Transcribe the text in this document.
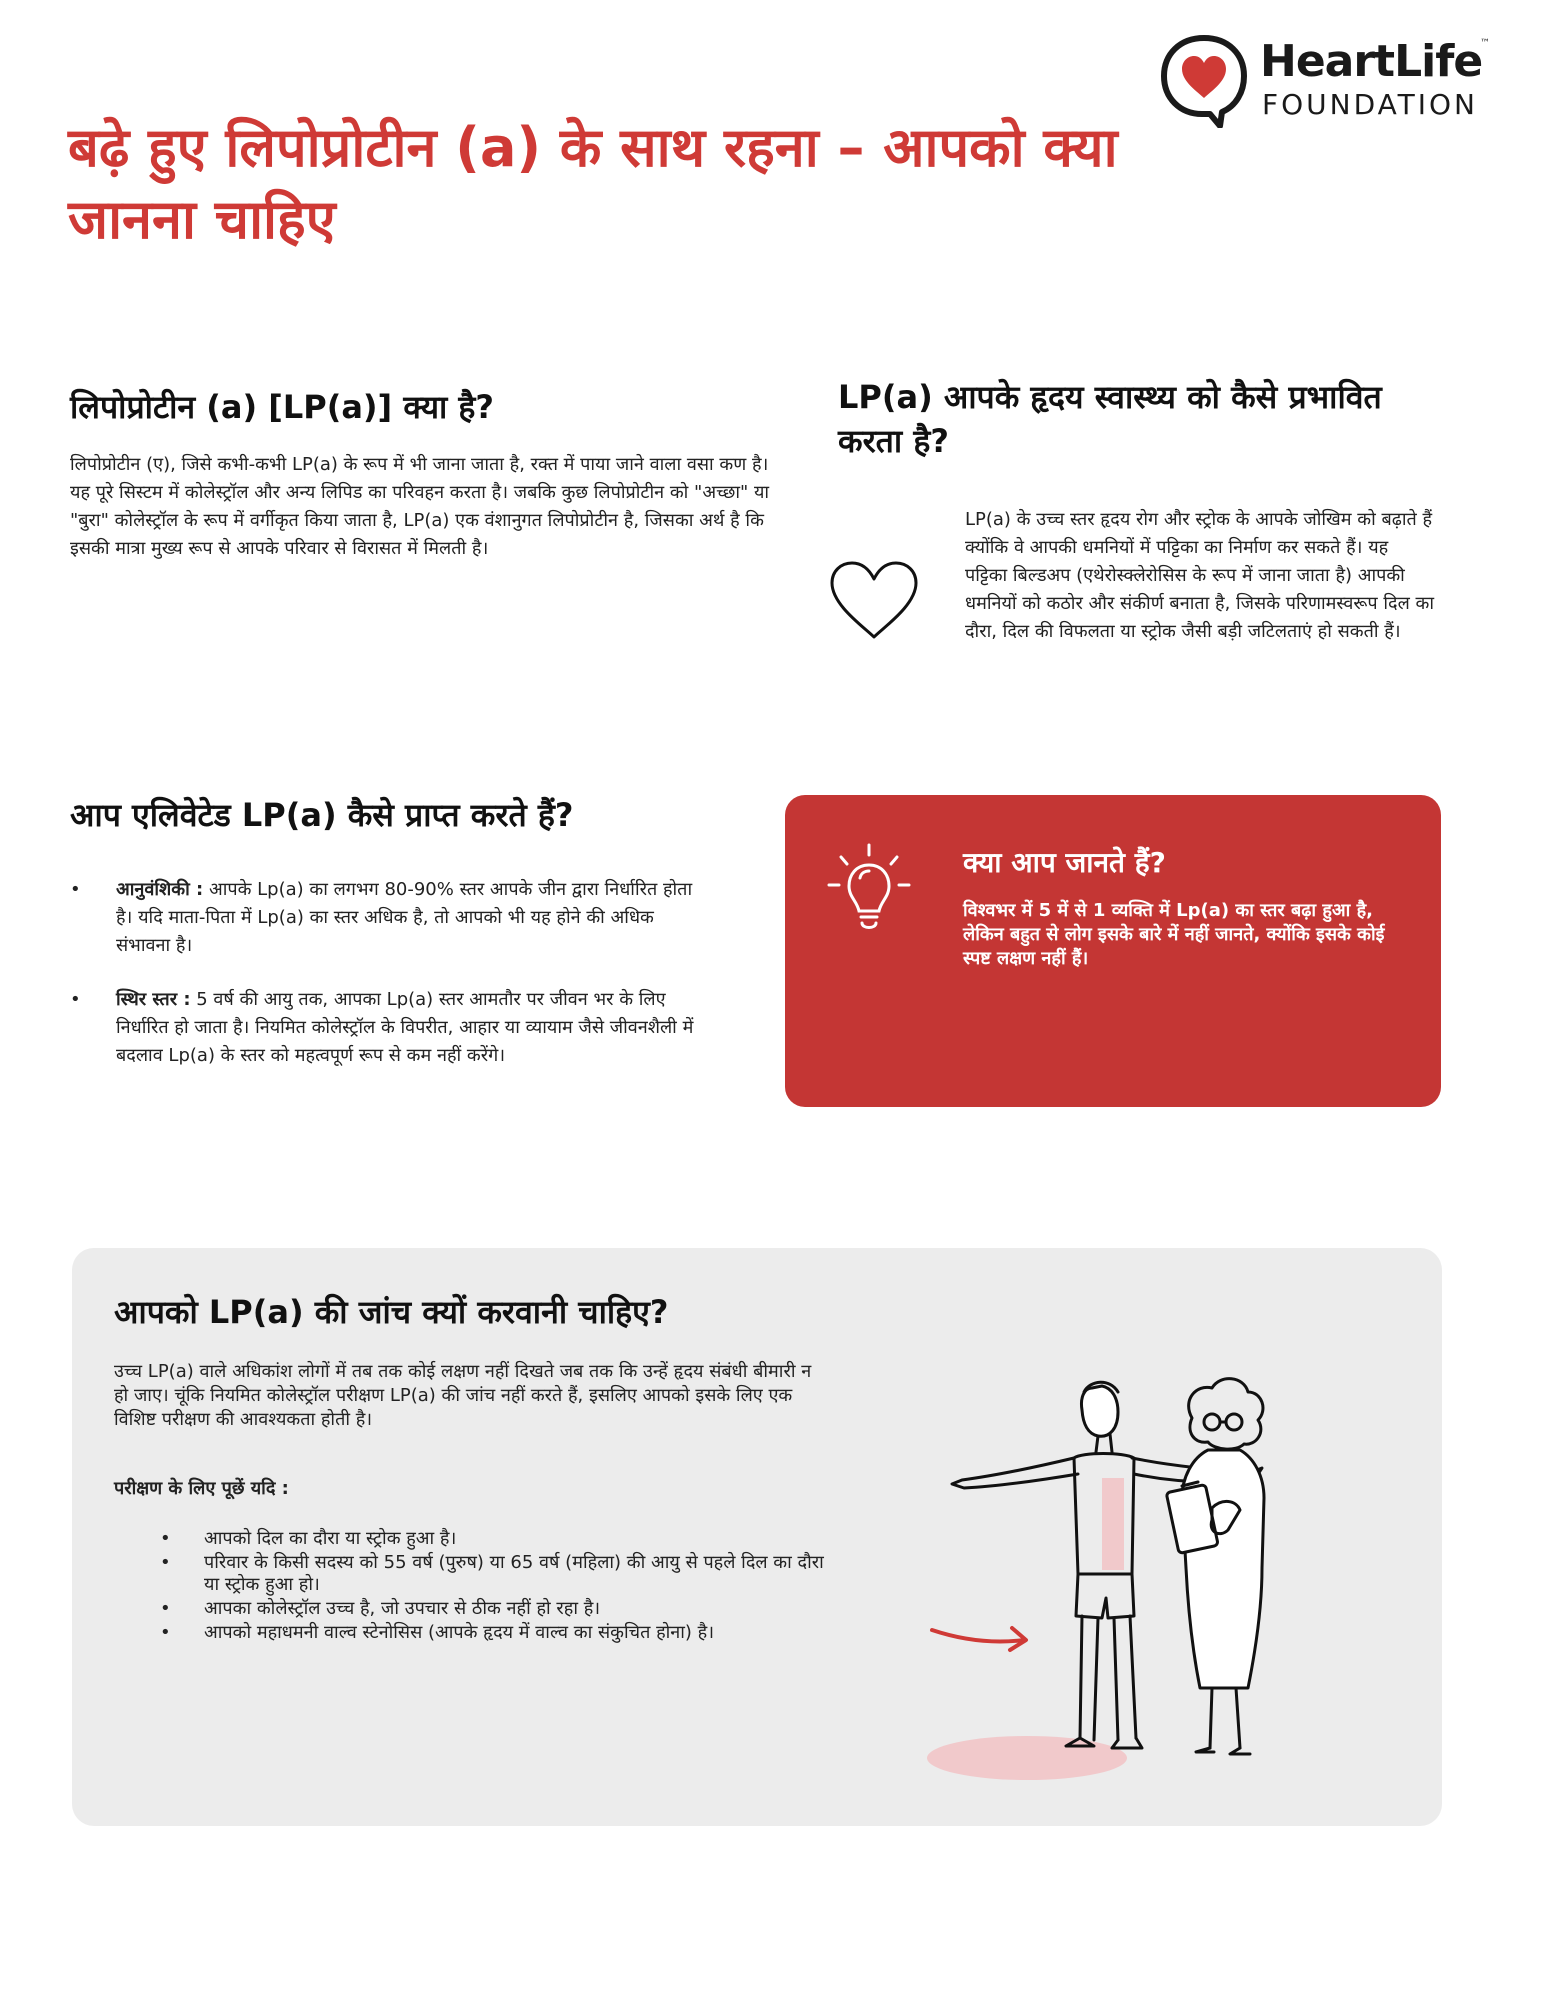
HeartLife
™
FOUNDATION
बढ़े हुए लिपोप्रोटीन (a) के साथ रहना – आपको क्या जानना चाहिए
लिपोप्रोटीन (a) [LP(a)] क्या है?

लिपोप्रोटीन (ए), जिसे कभी-कभी LP(a) के रूप में भी जाना जाता है, रक्त में पाया जाने वाला वसा कण है। यह पूरे सिस्टम में कोलेस्ट्रॉल और अन्य लिपिड का परिवहन करता है। जबकि कुछ लिपोप्रोटीन को "अच्छा" या "बुरा" कोलेस्ट्रॉल के रूप में वर्गीकृत किया जाता है, LP(a) एक वंशानुगत लिपोप्रोटीन है, जिसका अर्थ है कि इसकी मात्रा मुख्य रूप से आपके परिवार से विरासत में मिलती है।

LP(a) आपके हृदय स्वास्थ्य को कैसे प्रभावित करता है?

LP(a) के उच्च स्तर हृदय रोग और स्ट्रोक के आपके जोखिम को बढ़ाते हैं क्योंकि वे आपकी धमनियों में पट्टिका का निर्माण कर सकते हैं। यह पट्टिका बिल्डअप (एथेरोस्क्लेरोसिस के रूप में जाना जाता है) आपकी धमनियों को कठोर और संकीर्ण बनाता है, जिसके परिणामस्वरूप दिल का दौरा, दिल की विफलता या स्ट्रोक जैसी बड़ी जटिलताएं हो सकती हैं।

आप एलिवेटेड LP(a) कैसे प्राप्त करते हैं?
• आनुवंशिकी : आपके Lp(a) का लगभग 80-90% स्तर आपके जीन द्वारा निर्धारित होता है। यदि माता-पिता में Lp(a) का स्तर अधिक है, तो आपको भी यह होने की अधिक संभावना है।
• स्थिर स्तर : 5 वर्ष की आयु तक, आपका Lp(a) स्तर आमतौर पर जीवन भर के लिए निर्धारित हो जाता है। नियमित कोलेस्ट्रॉल के विपरीत, आहार या व्यायाम जैसे जीवनशैली में बदलाव Lp(a) के स्तर को महत्वपूर्ण रूप से कम नहीं करेंगे।
क्या आप जानते हैं?

विश्वभर में 5 में से 1 व्यक्ति में Lp(a) का स्तर बढ़ा हुआ है, लेकिन बहुत से लोग इसके बारे में नहीं जानते, क्योंकि इसके कोई स्पष्ट लक्षण नहीं हैं।

आपको LP(a) की जांच क्यों करवानी चाहिए?

उच्च LP(a) वाले अधिकांश लोगों में तब तक कोई लक्षण नहीं दिखते जब तक कि उन्हें हृदय संबंधी बीमारी न हो जाए। चूंकि नियमित कोलेस्ट्रॉल परीक्षण LP(a) की जांच नहीं करते हैं, इसलिए आपको इसके लिए एक विशिष्ट परीक्षण की आवश्यकता होती है।

परीक्षण के लिए पूछें यदि :

• आपको दिल का दौरा या स्ट्रोक हुआ है।
• परिवार के किसी सदस्य को 55 वर्ष (पुरुष) या 65 वर्ष (महिला) की आयु से पहले दिल का दौरा या स्ट्रोक हुआ हो।
• आपका कोलेस्ट्रॉल उच्च है, जो उपचार से ठीक नहीं हो रहा है।
• आपको महाधमनी वाल्व स्टेनोसिस (आपके हृदय में वाल्व का संकुचित होना) है।
